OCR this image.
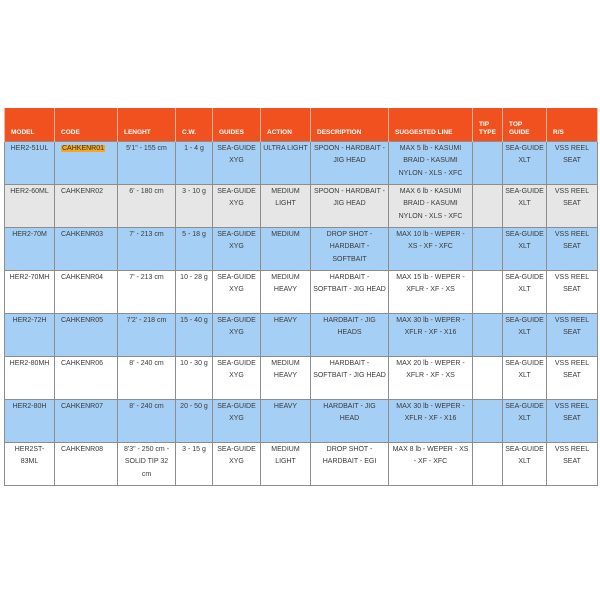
MODEL	CODE	LENGHT	C.W.	GUIDES	ACTION	DESCRIPTION	SUGGESTED LINE	TIP TYPE	TOP GUIDE	R/S
HER2-51UL	CAHKENR01	5'1" - 155 cm	1 - 4 g	SEA-GUIDE XYG	ULTRA LIGHT	SPOON - HARDBAIT - JIG HEAD	MAX 5 lb - KASUMI BRAID - KASUMI NYLON - XLS - XFC		SEA-GUIDE XLT	VSS REEL SEAT
HER2-60ML	CAHKENR02	6' - 180 cm	3 - 10 g	SEA-GUIDE XYG	MEDIUM LIGHT	SPOON - HARDBAIT - JIG HEAD	MAX 6 lb - KASUMI BRAID - KASUMI NYLON - XLS - XFC		SEA-GUIDE XLT	VSS REEL SEAT
HER2-70M	CAHKENR03	7' - 213 cm	5 - 18 g	SEA-GUIDE XYG	MEDIUM	DROP SHOT - HARDBAIT - SOFTBAIT	MAX 10 lb - WEPER - XS - XF - XFC		SEA-GUIDE XLT	VSS REEL SEAT
HER2-70MH	CAHKENR04	7' - 213 cm	10 - 28 g	SEA-GUIDE XYG	MEDIUM HEAVY	HARDBAIT - SOFTBAIT - JIG HEAD	MAX 15 lb - WEPER - XFLR - XF - XS		SEA-GUIDE XLT	VSS REEL SEAT
HER2-72H	CAHKENR05	7'2' - 218 cm	15 - 40 g	SEA-GUIDE XYG	HEAVY	HARDBAIT - JIG HEADS	MAX 30 lb - WEPER - XFLR - XF - X16		SEA-GUIDE XLT	VSS REEL SEAT
HER2-80MH	CAHKENR06	8' - 240 cm	10 - 30 g	SEA-GUIDE XYG	MEDIUM HEAVY	HARDBAIT - SOFTBAIT - JIG HEAD	MAX 20 lb - WEPER - XFLR - XF - XS		SEA-GUIDE XLT	VSS REEL SEAT
HER2-80H	CAHKENR07	8' - 240 cm	20 - 50 g	SEA-GUIDE XYG	HEAVY	HARDBAIT - JIG HEAD	MAX 30 lb - WEPER - XFLR - XF - X16		SEA-GUIDE XLT	VSS REEL SEAT
HER2ST-83ML	CAHKENR08	8'3" - 250 cm - SOLID TIP 32 cm	3 - 15 g	SEA-GUIDE XYG	MEDIUM LIGHT	DROP SHOT - HARDBAIT - EGI	MAX 8 lb - WEPER - XS - XF - XFC		SEA-GUIDE XLT	VSS REEL SEAT
